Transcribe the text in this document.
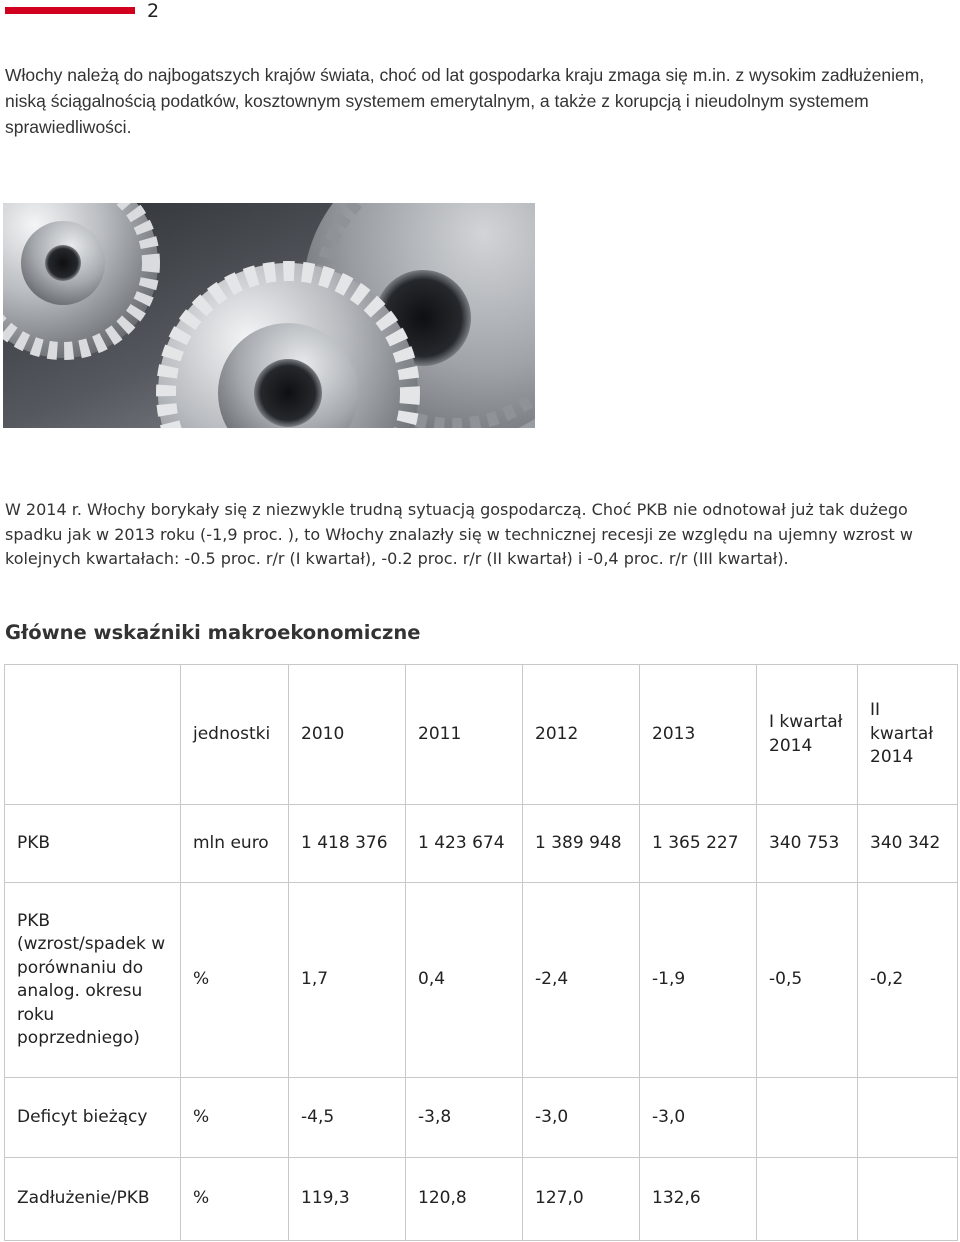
2

Włochy należą do najbogatszych krajów świata, choć od lat gospodarka kraju zmaga się m.in. z wysokim zadłużeniem, niską ściągalnością podatków, kosztownym systemem emerytalnym, a także z korupcją i nieudolnym systemem sprawiedliwości.

W 2014 r. Włochy borykały się z niezwykle trudną sytuacją gospodarczą. Choć PKB nie odnotował już tak dużego spadku jak w 2013 roku (-1,9 proc. ), to Włochy znalazły się w technicznej recesji ze względu na ujemny wzrost w kolejnych kwartałach: -0.5 proc. r/r (I kwartał), -0.2 proc. r/r (II kwartał) i -0,4 proc. r/r (III kwartał).

Główne wskaźniki makroekonomiczne
	jednostki	2010	2011	2012	2013	I kwartał 2014	II kwartał 2014
PKB	mln euro	1 418 376	1 423 674	1 389 948	1 365 227	340 753	340 342
PKB (wzrost/spadek w porównaniu do analog. okresu roku poprzedniego)	%	1,7	0,4	-2,4	-1,9	-0,5	-0,2
Deficyt bieżący	%	-4,5	-3,8	-3,0	-3,0		
Zadłużenie/PKB	%	119,3	120,8	127,0	132,6		
